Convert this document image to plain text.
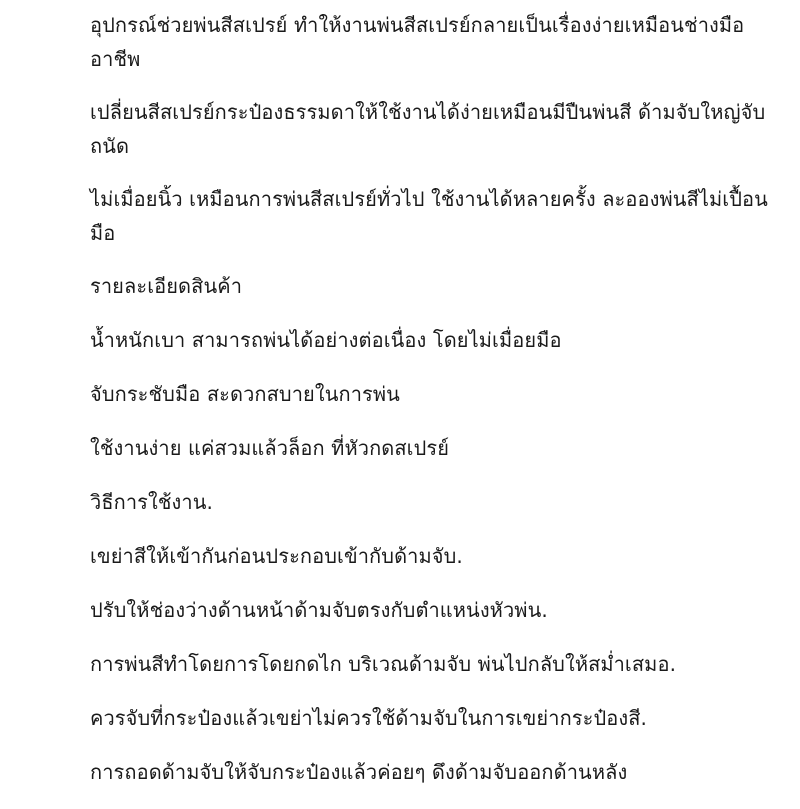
อุปกรณ์ช่วยพ่นสีสเปรย์ ทำให้งานพ่นสีสเปรย์กลายเป็นเรื่องง่ายเหมือนช่างมืออาชีพ

เปลี่ยนสีสเปรย์กระป๋องธรรมดาให้ใช้งานได้ง่ายเหมือนมีปืนพ่นสี ด้ามจับใหญ่จับถนัด

ไม่เมื่อยนิ้ว เหมือนการพ่นสีสเปรย์ทั่วไป ใช้งานได้หลายครั้ง ละอองพ่นสีไม่เปื้อนมือ

รายละเอียดสินค้า

น้ำหนักเบา สามารถพ่นได้อย่างต่อเนื่อง โดยไม่เมื่อยมือ

จับกระชับมือ สะดวกสบายในการพ่น

ใช้งานง่าย แค่สวมแล้วล็อก ที่หัวกดสเปรย์

วิธีการใช้งาน.

เขย่าสีให้เข้ากันก่อนประกอบเข้ากับด้ามจับ.

ปรับให้ช่องว่างด้านหน้าด้ามจับตรงกับตำแหน่งหัวพ่น.

การพ่นสีทำโดยการโดยกดไก บริเวณด้ามจับ พ่นไปกลับให้สม่ำเสมอ.

ควรจับที่กระป๋องแล้วเขย่าไม่ควรใช้ด้ามจับในการเขย่ากระป๋องสี.

การถอดด้ามจับให้จับกระป๋องแล้วค่อยๆ ดึงด้ามจับออกด้านหลัง
